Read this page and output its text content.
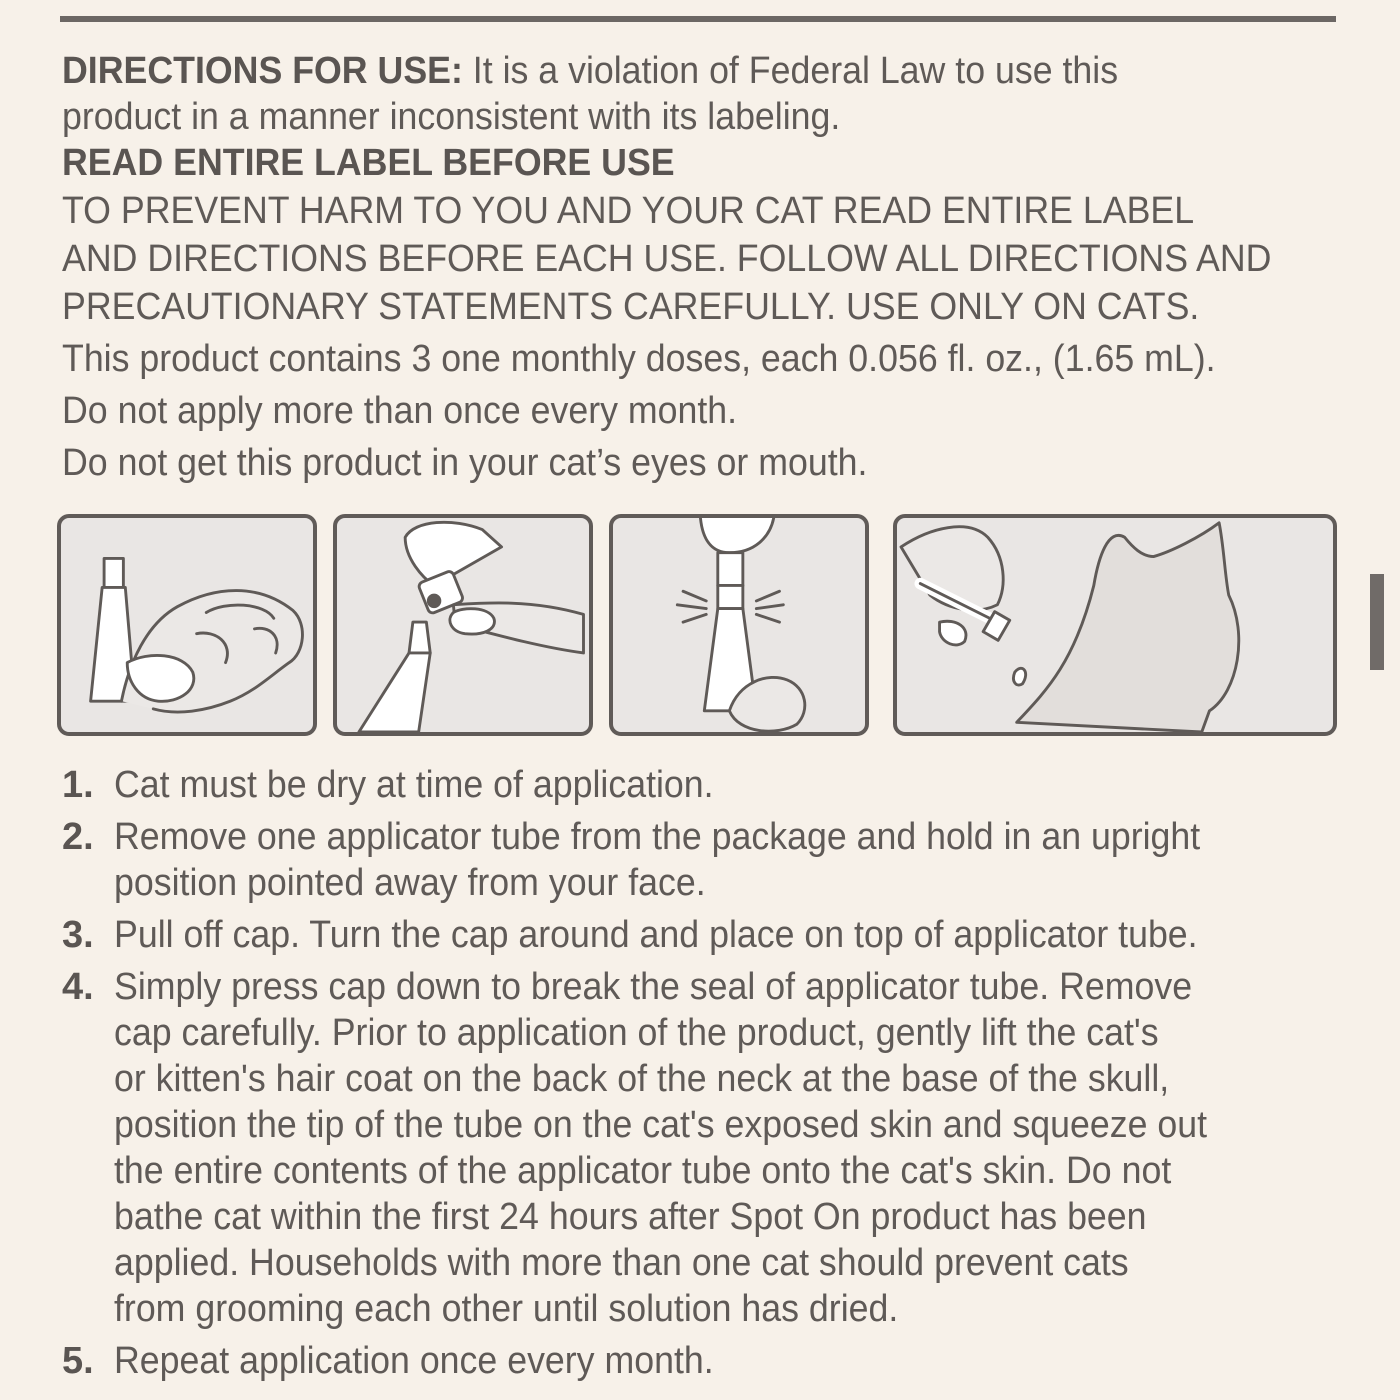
DIRECTIONS FOR USE: It is a violation of Federal Law to use this
product in a manner inconsistent with its labeling.
READ ENTIRE LABEL BEFORE USE
TO PREVENT HARM TO YOU AND YOUR CAT READ ENTIRE LABEL
AND DIRECTIONS BEFORE EACH USE. FOLLOW ALL DIRECTIONS AND
PRECAUTIONARY STATEMENTS CAREFULLY. USE ONLY ON CATS.
This product contains 3 one monthly doses, each 0.056 fl. oz., (1.65 mL).
Do not apply more than once every month.
Do not get this product in your cat’s eyes or mouth.
1. Cat must be dry at time of application.
2. Remove one applicator tube from the package and hold in an upright
position pointed away from your face.
3. Pull off cap. Turn the cap around and place on top of applicator tube.
4. Simply press cap down to break the seal of applicator tube. Remove
cap carefully. Prior to application of the product, gently lift the cat's
or kitten's hair coat on the back of the neck at the base of the skull,
position the tip of the tube on the cat's exposed skin and squeeze out
the entire contents of the applicator tube onto the cat's skin. Do not
bathe cat within the first 24 hours after Spot On product has been
applied. Households with more than one cat should prevent cats
from grooming each other until solution has dried.
5. Repeat application once every month.
